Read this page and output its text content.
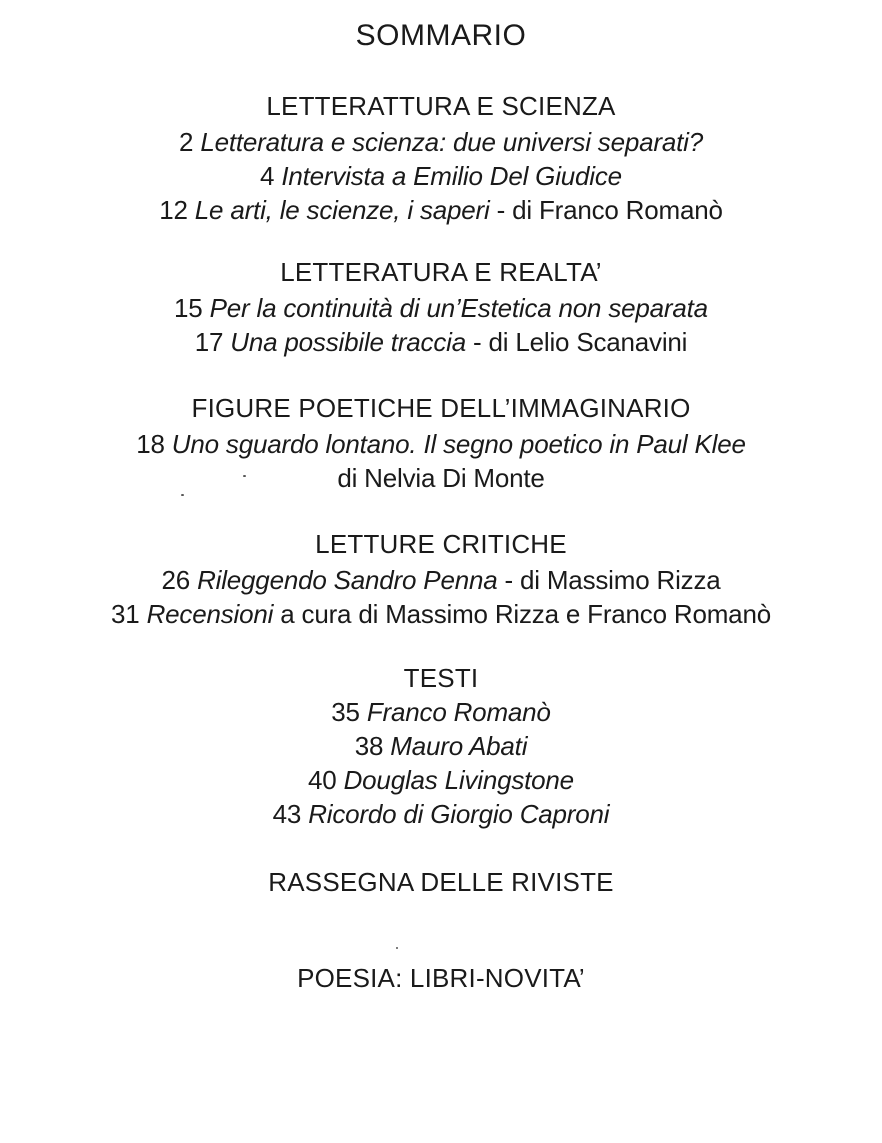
SOMMARIO
LETTERATTURA E SCIENZA
2 Letteratura e scienza: due universi separati?
4 Intervista a Emilio Del Giudice
12 Le arti, le scienze, i saperi - di Franco Romanò
LETTERATURA E REALTA’
15 Per la continuità di un’Estetica non separata
17 Una possibile traccia - di Lelio Scanavini
FIGURE POETICHE DELL’IMMAGINARIO
18 Uno sguardo lontano. Il segno poetico in Paul Klee
di Nelvia Di Monte
LETTURE CRITICHE
26 Rileggendo Sandro Penna - di Massimo Rizza
31 Recensioni a cura di Massimo Rizza e Franco Romanò
TESTI
35 Franco Romanò
38 Mauro Abati
40 Douglas Livingstone
43 Ricordo di Giorgio Caproni
RASSEGNA DELLE RIVISTE
POESIA: LIBRI-NOVITA’
